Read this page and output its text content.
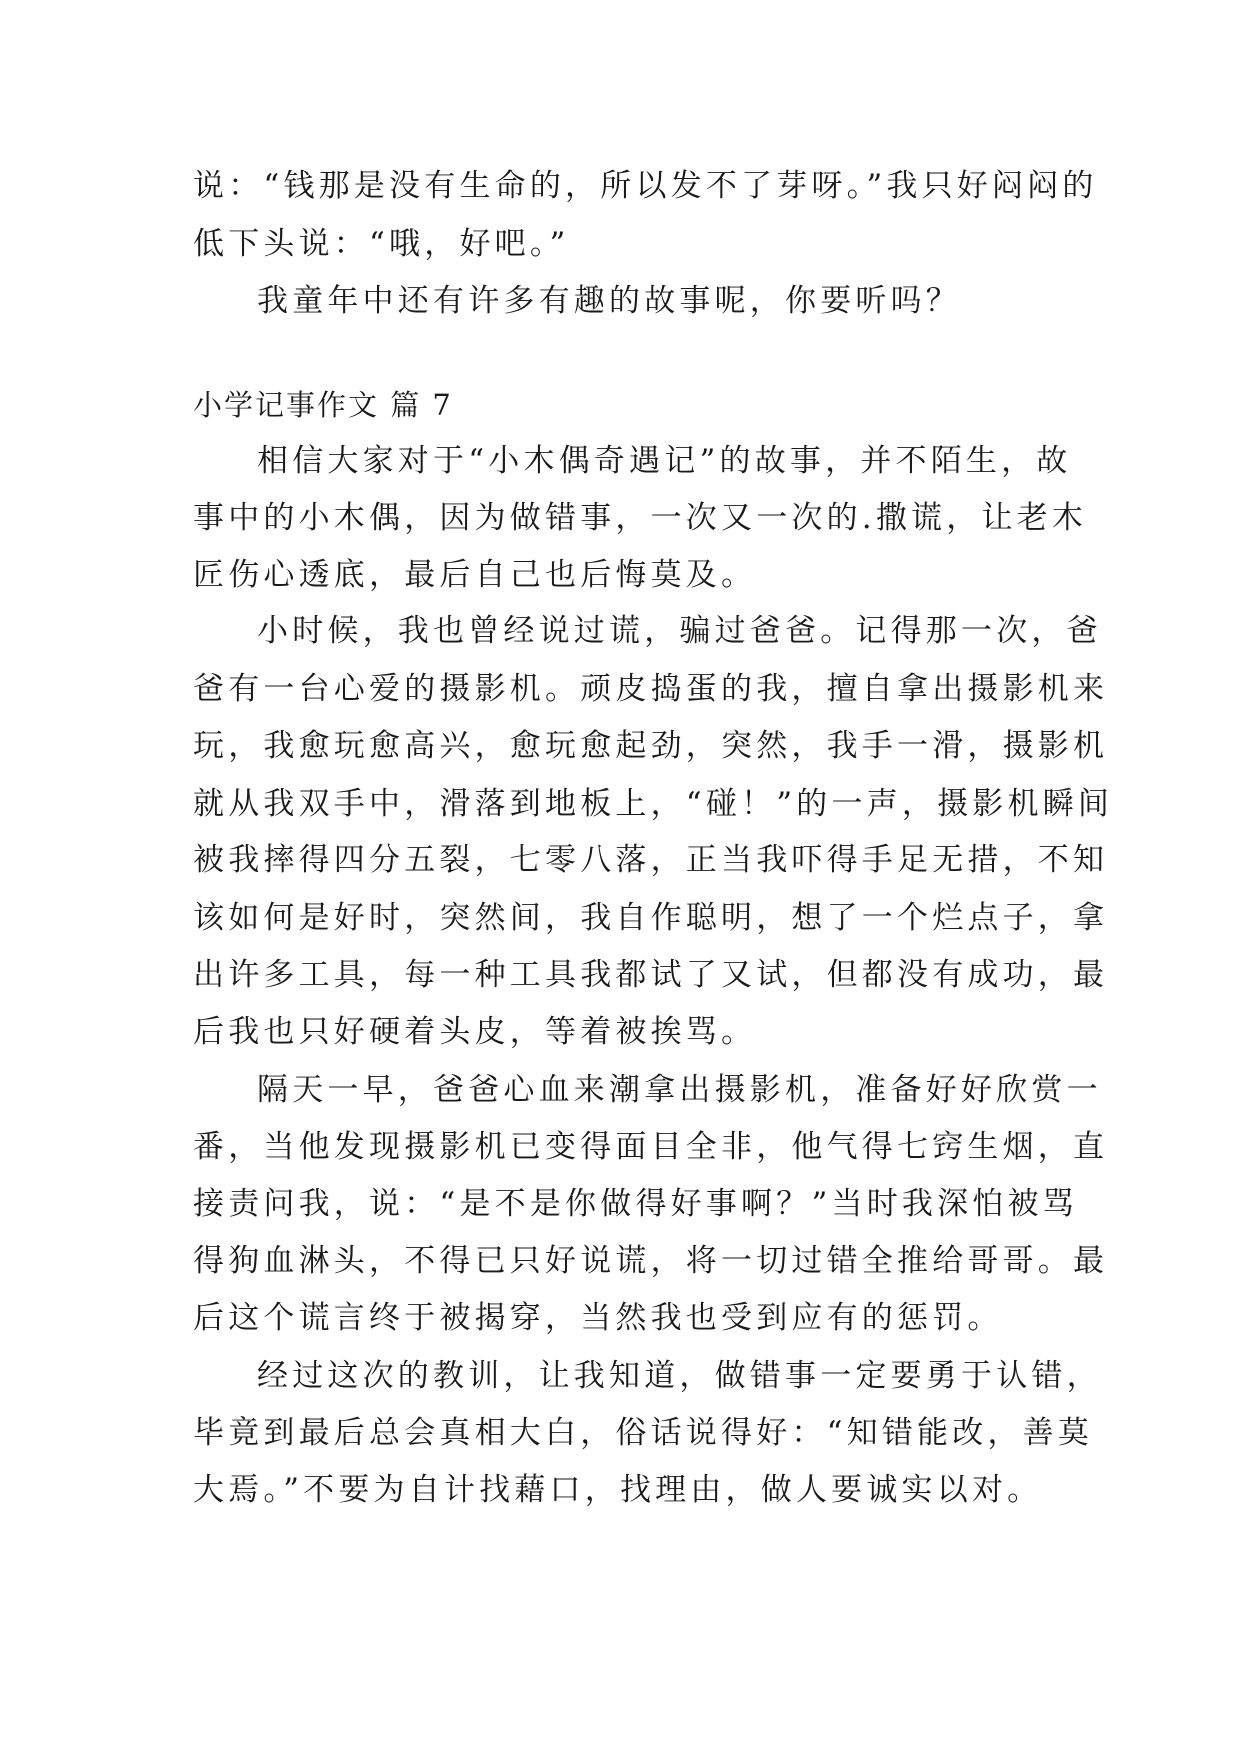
说：“钱那是没有生命的，所以发不了芽呀。”我只好闷闷的
低下头说：“哦，好吧。”
我童年中还有许多有趣的故事呢，你要听吗？
小学记事作文 篇 7
相信大家对于“小木偶奇遇记”的故事，并不陌生，故
事中的小木偶，因为做错事，一次又一次的.撒谎，让老木
匠伤心透底，最后自己也后悔莫及。
小时候，我也曾经说过谎，骗过爸爸。记得那一次，爸
爸有一台心爱的摄影机。顽皮捣蛋的我，擅自拿出摄影机来
玩，我愈玩愈高兴，愈玩愈起劲，突然，我手一滑，摄影机
就从我双手中，滑落到地板上，“碰！”的一声，摄影机瞬间
被我摔得四分五裂，七零八落，正当我吓得手足无措，不知
该如何是好时，突然间，我自作聪明，想了一个烂点子，拿
出许多工具，每一种工具我都试了又试，但都没有成功，最
后我也只好硬着头皮，等着被挨骂。
隔天一早，爸爸心血来潮拿出摄影机，准备好好欣赏一
番，当他发现摄影机已变得面目全非，他气得七窍生烟，直
接责问我，说：“是不是你做得好事啊？”当时我深怕被骂
得狗血淋头，不得已只好说谎，将一切过错全推给哥哥。最
后这个谎言终于被揭穿，当然我也受到应有的惩罚。
经过这次的教训，让我知道，做错事一定要勇于认错，
毕竟到最后总会真相大白，俗话说得好：“知错能改，善莫
大焉。”不要为自计找藉口，找理由，做人要诚实以对。
